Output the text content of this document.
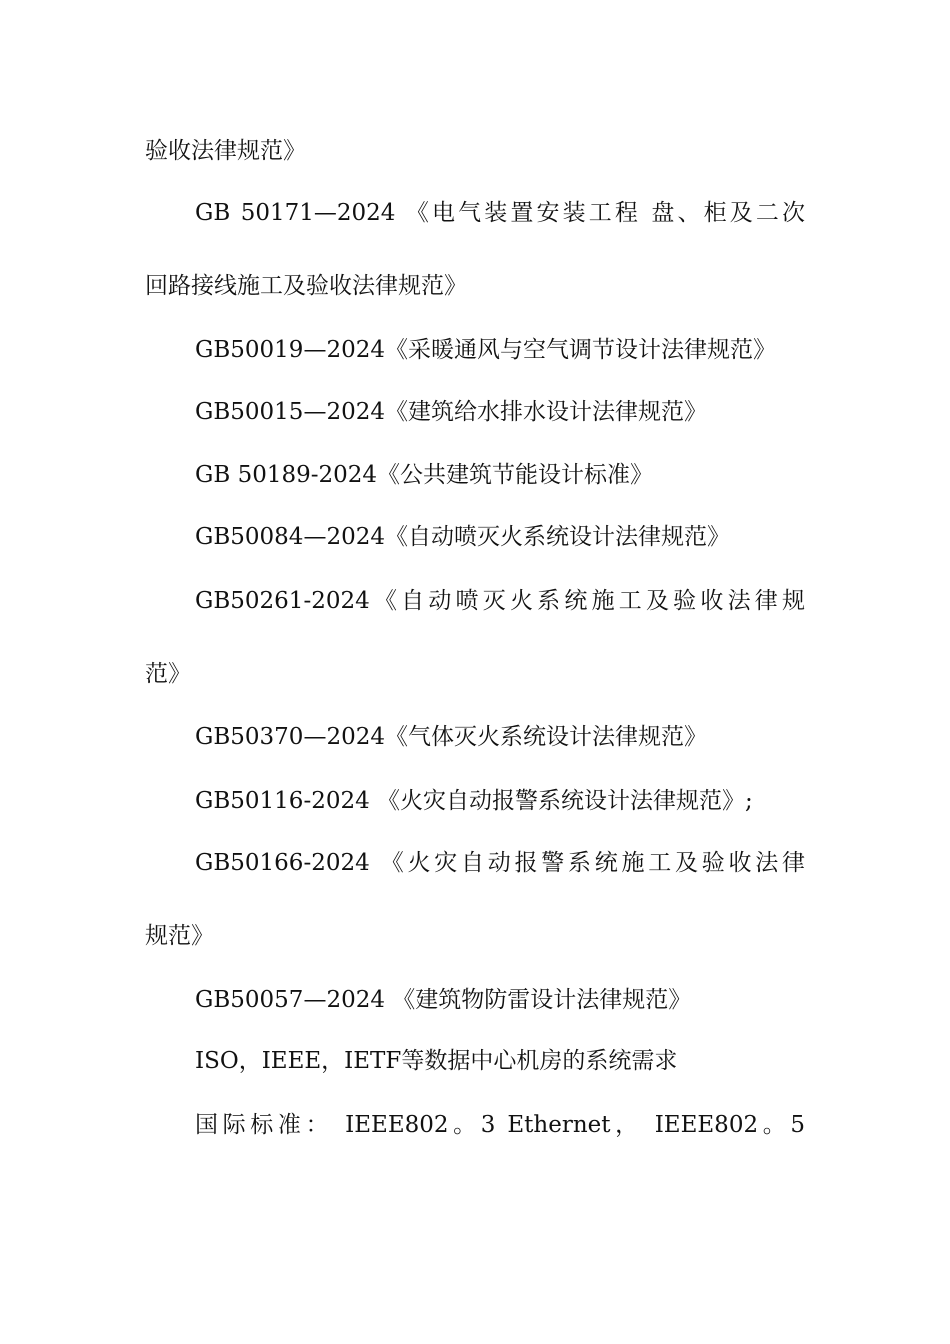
验收法律规范》
GB 50171—2024 《电气装置安装工程 盘、柜及二次
回路接线施工及验收法律规范》
GB50019—2024《采暖通风与空气调节设计法律规范》
GB50015—2024《建筑给水排水设计法律规范》
GB 50189-2024《公共建筑节能设计标准》
GB50084—2024《自动喷灭火系统设计法律规范》
GB50261-2024《自动喷灭火系统施工及验收法律规
范》
GB50370—2024《气体灭火系统设计法律规范》
GB50116-2024 《火灾自动报警系统设计法律规范》;
GB50166-2024 《火灾自动报警系统施工及验收法律
规范》
GB50057—2024 《建筑物防雷设计法律规范》
ISO，IEEE，IETF等数据中心机房的系统需求
国际标准： IEEE802。3 Ethernet， IEEE802。5
